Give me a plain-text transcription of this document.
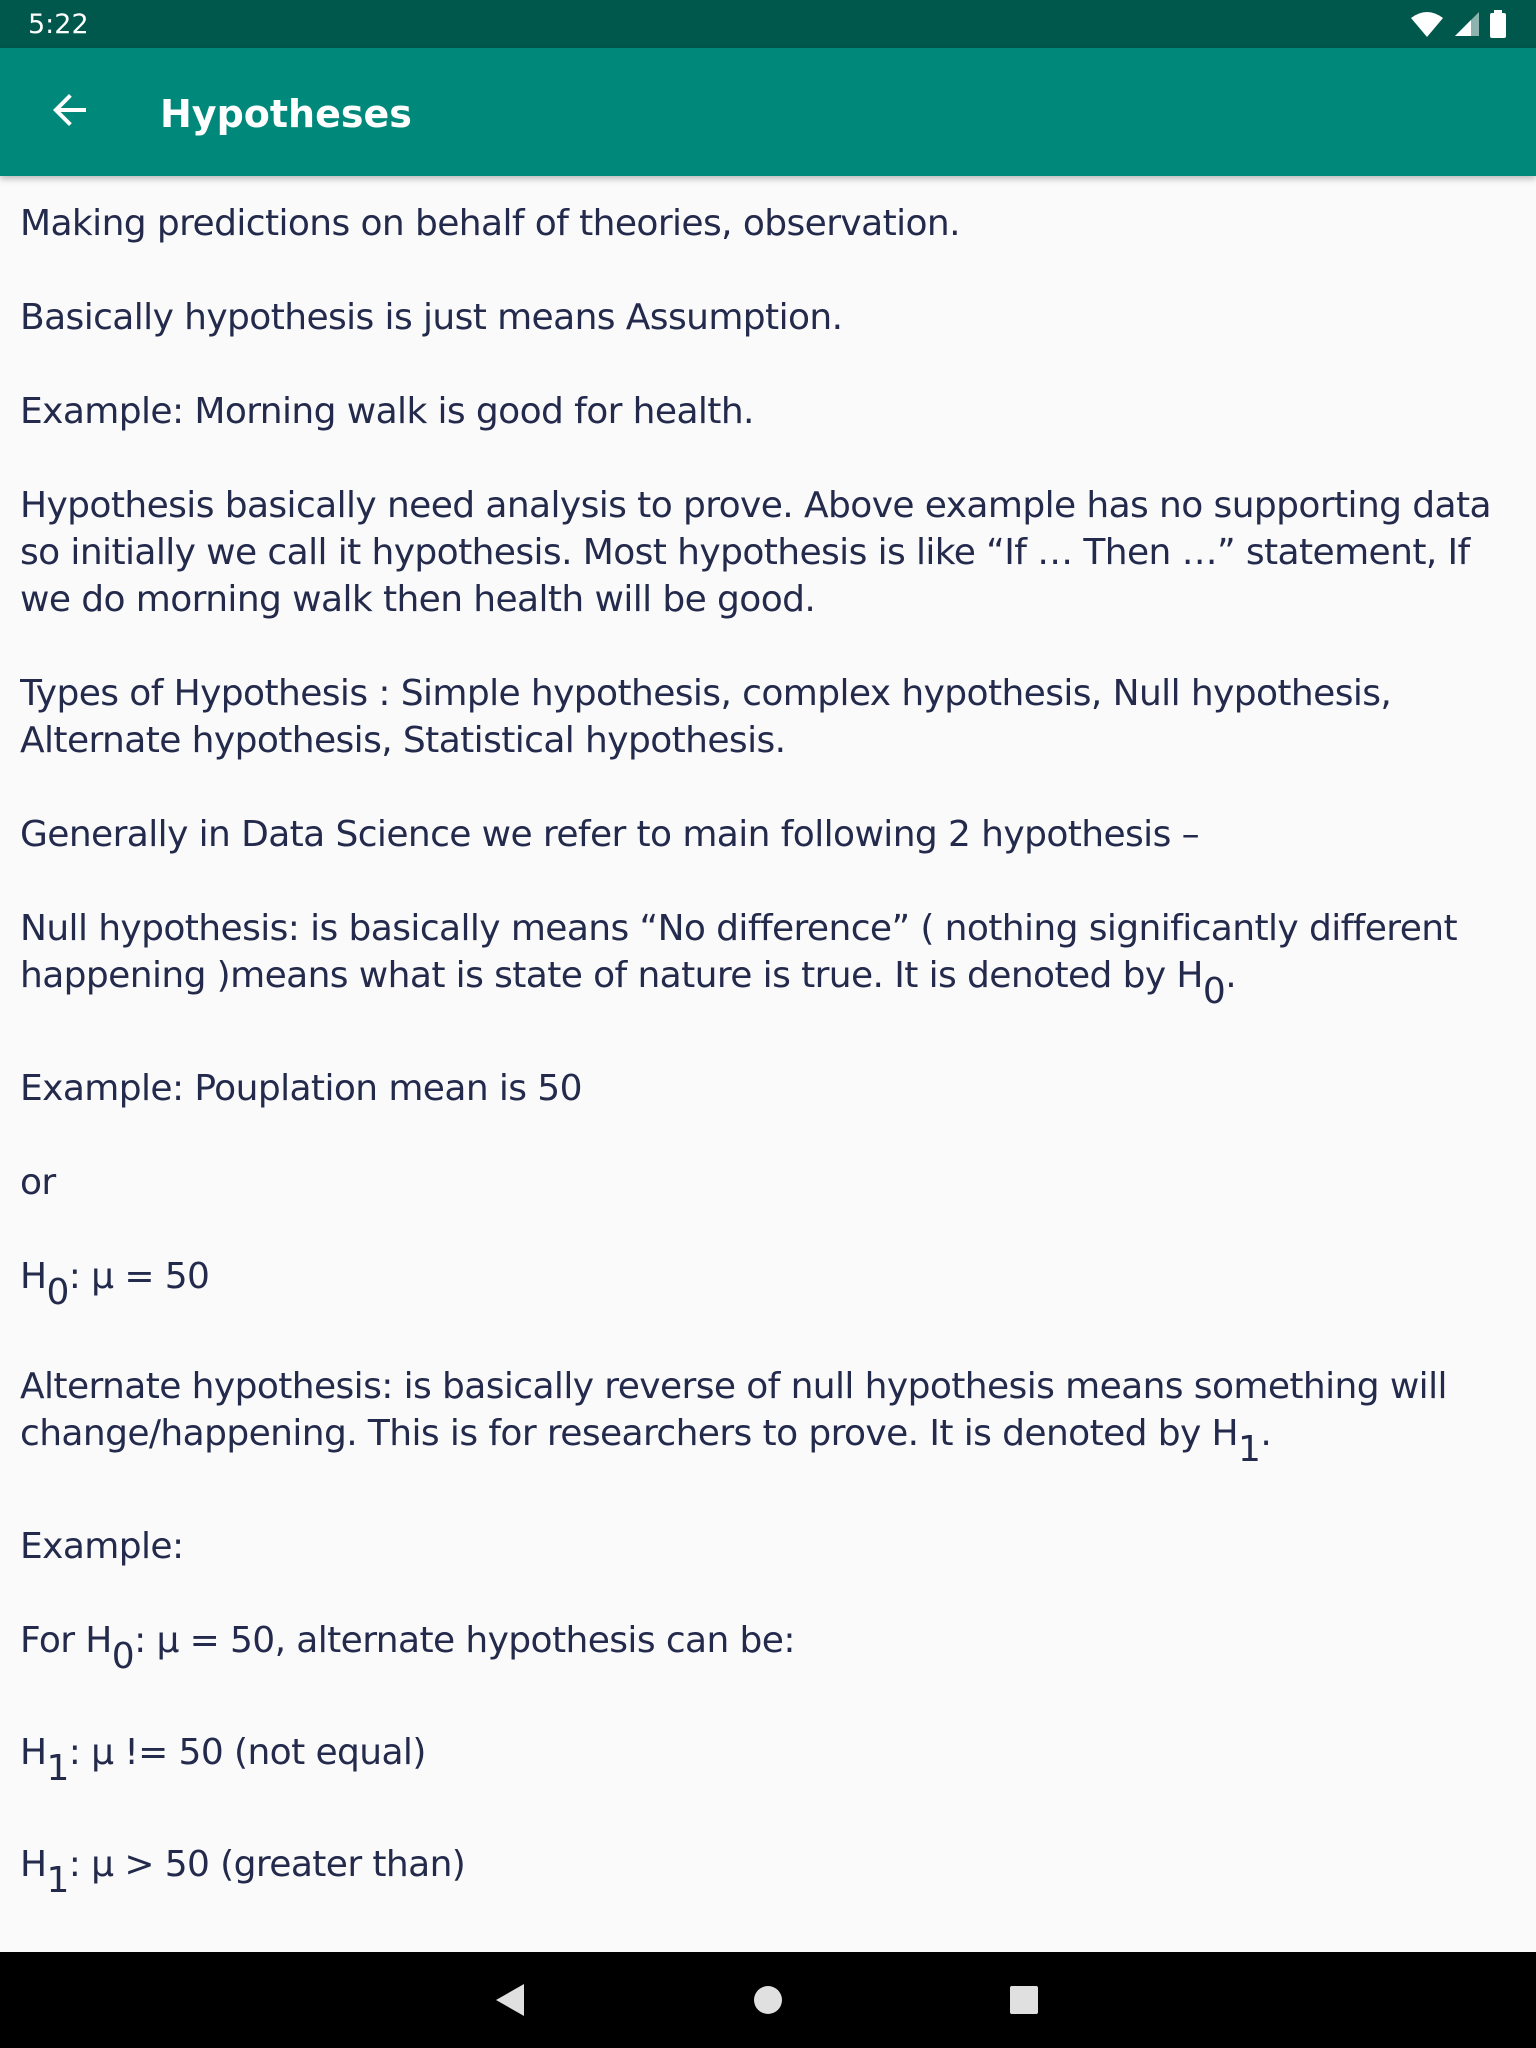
5:22
Hypotheses

Making predictions on behalf of theories, observation.

Basically hypothesis is just means Assumption.

Example: Morning walk is good for health.

Hypothesis basically need analysis to prove. Above example has no supporting data so initially we call it hypothesis. Most hypothesis is like “If … Then …” statement, If we do morning walk then health will be good.

Types of Hypothesis : Simple hypothesis, complex hypothesis, Null hypothesis, Alternate hypothesis, Statistical hypothesis.

Generally in Data Science we refer to main following 2 hypothesis –

Null hypothesis: is basically means “No difference” ( nothing significantly different happening )means what is state of nature is true. It is denoted by H0.

Example: Pouplation mean is 50

or

H0: μ = 50

Alternate hypothesis: is basically reverse of null hypothesis means something will change/happening. This is for researchers to prove. It is denoted by H1.

Example:

For H0: μ = 50, alternate hypothesis can be:

H1: μ != 50 (not equal)

H1: μ > 50 (greater than)
